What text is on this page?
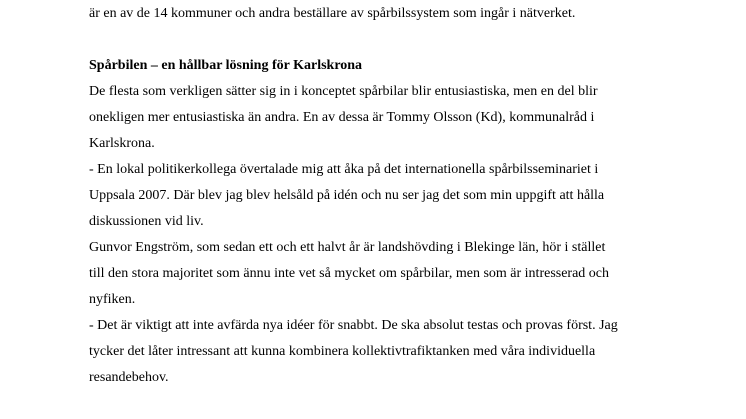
är en av de 14 kommuner och andra beställare av spårbilssystem som ingår i nätverket.
Spårbilen – en hållbar lösning för Karlskrona
De flesta som verkligen sätter sig in i konceptet spårbilar blir entusiastiska, men en del blir
onekligen mer entusiastiska än andra. En av dessa är Tommy Olsson (Kd), kommunalråd i
Karlskrona.
- En lokal politikerkollega övertalade mig att åka på det internationella spårbilsseminariet i
Uppsala 2007. Där blev jag blev helsåld på idén och nu ser jag det som min uppgift att hålla
diskussionen vid liv.
Gunvor Engström, som sedan ett och ett halvt år är landshövding i Blekinge län, hör i stället
till den stora majoritet som ännu inte vet så mycket om spårbilar, men som är intresserad och
nyfiken.
- Det är viktigt att inte avfärda nya idéer för snabbt. De ska absolut testas och provas först. Jag
tycker det låter intressant att kunna kombinera kollektivtrafiktanken med våra individuella
resandebehov.
